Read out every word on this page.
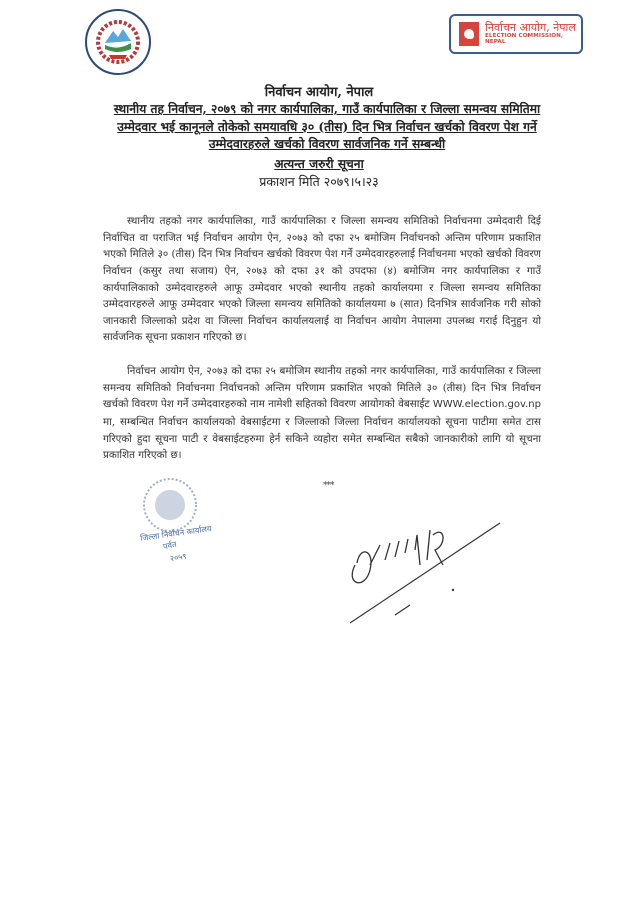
निर्वाचन आयोग, नेपाल
ELECTION COMMISSION, NEPAL
निर्वाचन आयोग, नेपाल
स्थानीय तह निर्वाचन, २०७९ को नगर कार्यपालिका, गाउँ कार्यपालिका र जिल्ला समन्वय समितिमा
उम्मेदवार भई कानूनले तोकेको समयावधि ३० (तीस) दिन भित्र निर्वाचन खर्चको विवरण पेश गर्ने
उम्मेदवारहरुले खर्चको विवरण सार्वजनिक गर्ने सम्बन्धी
अत्यन्त जरुरी सूचना
प्रकाशन मिति २०७९।५।२३

स्थानीय तहको नगर कार्यपालिका, गाउँ कार्यपालिका र जिल्ला समन्वय समितिको निर्वाचनमा उम्मेदवारी दिई निर्वाचित वा पराजित भई निर्वाचन आयोग ऐन, २०७३ को दफा २५ बमोजिम निर्वाचनको अन्तिम परिणाम प्रकाशित भएको मितिले ३० (तीस) दिन भित्र निर्वाचन खर्चको विवरण पेश गर्ने उम्मेदवारहरुलाई निर्वाचनमा भएको खर्चको विवरण निर्वाचन (कसुर तथा सजाय) ऐन, २०७३ को दफा ३१ को उपदफा (४) बमोजिम नगर कार्यपालिका र गाउँ कार्यपालिकाको उम्मेदवारहरुले आफू उम्मेदवार भएको स्थानीय तहको कार्यालयमा र जिल्ला समन्वय समितिका उम्मेदवारहरुले आफू उम्मेदवार भएको जिल्ला समन्वय समितिको कार्यालयमा ७ (सात) दिनभित्र सार्वजनिक गरी सोको जानकारी जिल्लाको प्रदेश वा जिल्ला निर्वाचन कार्यालयलाई वा निर्वाचन आयोग नेपालमा उपलब्ध गराई दिनुहुन यो सार्वजनिक सूचना प्रकाशन गरिएको छ।

निर्वाचन आयोग ऐन, २०७३ को दफा २५ बमोजिम स्थानीय तहको नगर कार्यपालिका, गाउँ कार्यपालिका र जिल्ला समन्वय समितिको निर्वाचनमा निर्वाचनको अन्तिम परिणाम प्रकाशित भएको मितिले ३० (तीस) दिन भित्र निर्वाचन खर्चको विवरण पेश गर्ने उम्मेदवारहरुको नाम नामेशी सहितको विवरण आयोगको वेबसाईट WWW.election.gov.np मा, सम्बन्धित निर्वाचन कार्यालयको वेबसाईटमा र जिल्लाको जिल्ला निर्वाचन कार्यालयको सूचना पाटीमा समेत टास गरिएको हुदा सूचना पाटी र वेबसाईटहरुमा हेर्न सकिने व्यहोरा समेत सम्बन्धित सबैको जानकारीको लागि यो सूचना प्रकाशित गरिएको छ।

***
जिल्ला निर्वाचन कार्यालय
पर्वत
२०५९
